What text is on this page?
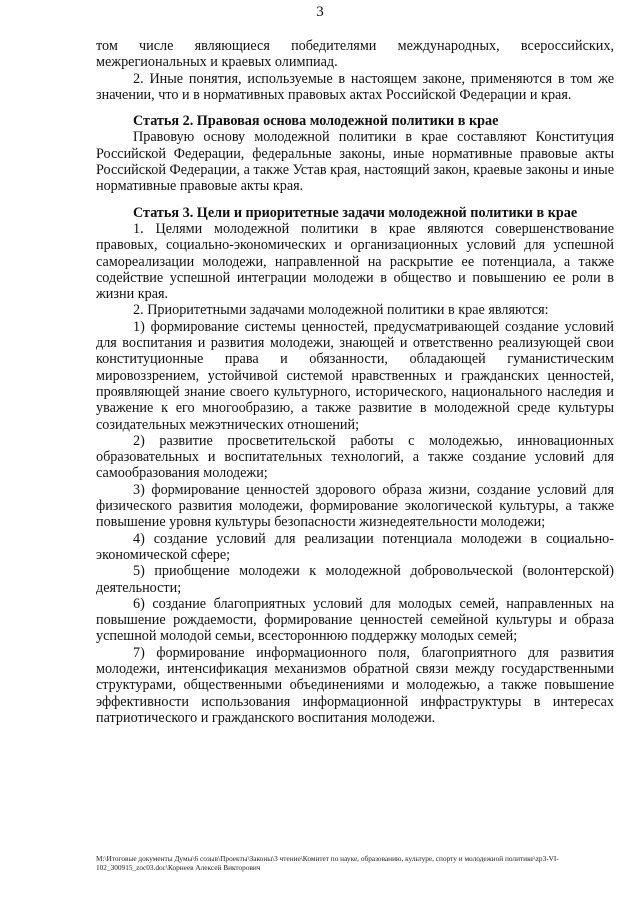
3

том числе являющиеся победителями международных, всероссийских, межрегиональных и краевых олимпиад.

2. Иные понятия, используемые в настоящем законе, применяются в том же значении, что и в нормативных правовых актах Российской Федерации и края.

Статья 2. Правовая основа молодежной политики в крае

Правовую основу молодежной политики в крае составляют Конституция Российской Федерации, федеральные законы, иные нормативные правовые акты Российской Федерации, а также Устав края, настоящий закон, краевые законы и иные нормативные правовые акты края.

Статья 3. Цели и приоритетные задачи молодежной политики в крае

1. Целями молодежной политики в крае являются совершенствование правовых, социально-экономических и организационных условий для успешной самореализации молодежи, направленной на раскрытие ее потенциала, а также содействие успешной интеграции молодежи в общество и повышению ее роли в жизни края.

2. Приоритетными задачами молодежной политики в крае являются:

1) формирование системы ценностей, предусматривающей создание условий для воспитания и развития молодежи, знающей и ответственно реализующей свои конституционные права и обязанности, обладающей гуманистическим мировоззрением, устойчивой системой нравственных и гражданских ценностей, проявляющей знание своего культурного, исторического, национального наследия и уважение к его многообразию, а также развитие в молодежной среде культуры созидательных межэтнических отношений;

2) развитие просветительской работы с молодежью, инновационных образовательных и воспитательных технологий, а также создание условий для самообразования молодежи;

3) формирование ценностей здорового образа жизни, создание условий для физического развития молодежи, формирование экологической культуры, а также повышение уровня культуры безопасности жизнедеятельности молодежи;

4) создание условий для реализации потенциала молодежи в социально-экономической сфере;

5) приобщение молодежи к молодежной добровольческой (волонтерской) деятельности;

6) создание благоприятных условий для молодых семей, направленных на повышение рождаемости, формирование ценностей семейной культуры и образа успешной молодой семьи, всестороннюю поддержку молодых семей;

7) формирование информационного поля, благоприятного для развития молодежи, интенсификация механизмов обратной связи между государственными структурами, общественными объединениями и молодежью, а также повышение эффективности использования информационной инфраструктуры в интересах патриотического и гражданского воспитания молодежи.

M:\Итоговые документы Думы\6 созыв\Проекты\Законы\3 чтение\Комитет по науке, образованию, культуре, спорту и молодежной политике\zp3-VI-102_300915_zoc03.doc\Корнеев Алексей Викторович
